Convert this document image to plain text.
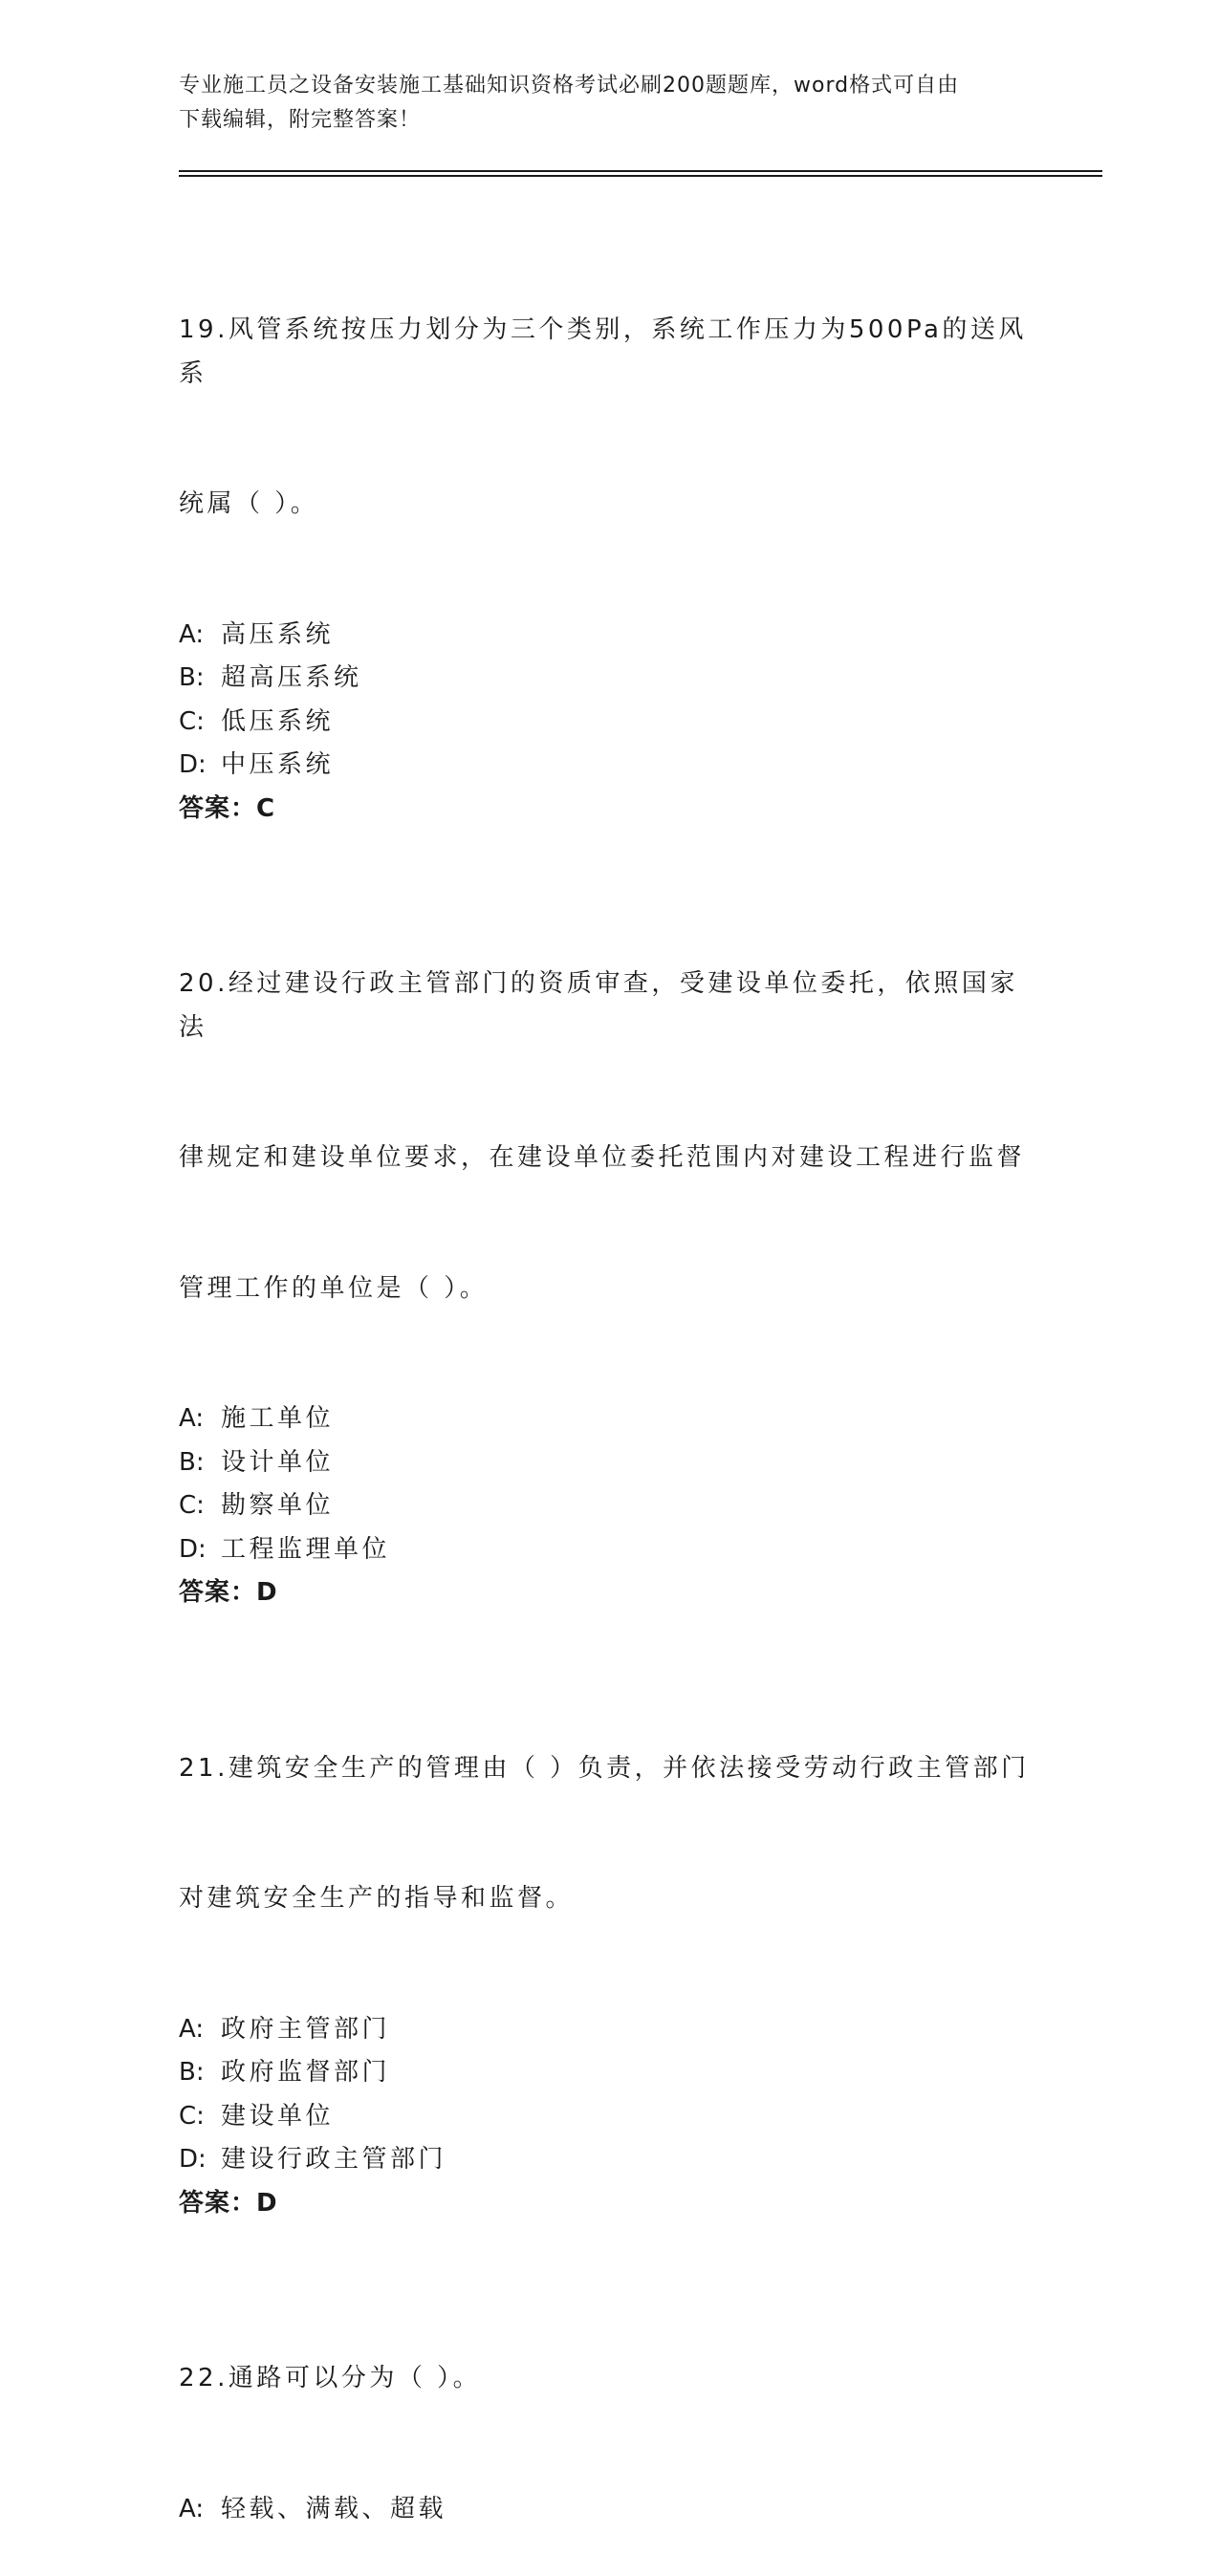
专业施工员之设备安装施工基础知识资格考试必刷200题题库，word格式可自由
下载编辑，附完整答案！

19.风管系统按压力划分为三个类别，系统工作压力为500Pa的送风系

统属（ ）。

A: 高压系统
B: 超高压系统
C: 低压系统
D: 中压系统
答案：C

20.经过建设行政主管部门的资质审查，受建设单位委托，依照国家法

律规定和建设单位要求，在建设单位委托范围内对建设工程进行监督

管理工作的单位是（ ）。

A: 施工单位
B: 设计单位
C: 勘察单位
D: 工程监理单位
答案：D

21.建筑安全生产的管理由（ ）负责，并依法接受劳动行政主管部门

对建筑安全生产的指导和监督。

A: 政府主管部门
B: 政府监督部门
C: 建设单位
D: 建设行政主管部门
答案：D

22.通路可以分为（ ）。

A: 轻载、满载、超载
